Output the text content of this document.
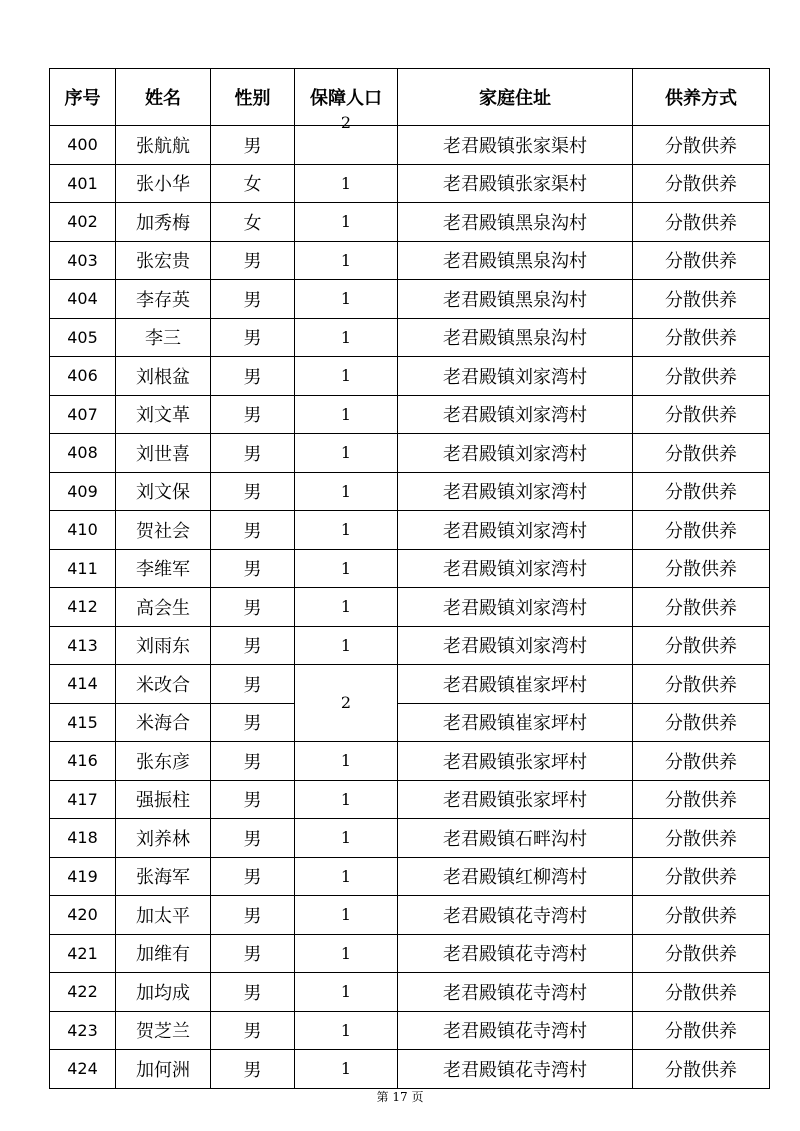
序号	姓名	性别	保障人口	家庭住址	供养方式
400	张航航	男	2	老君殿镇张家渠村	分散供养
401	张小华	女	1	老君殿镇张家渠村	分散供养
402	加秀梅	女	1	老君殿镇黑泉沟村	分散供养
403	张宏贵	男	1	老君殿镇黑泉沟村	分散供养
404	李存英	男	1	老君殿镇黑泉沟村	分散供养
405	李三	男	1	老君殿镇黑泉沟村	分散供养
406	刘根盆	男	1	老君殿镇刘家湾村	分散供养
407	刘文革	男	1	老君殿镇刘家湾村	分散供养
408	刘世喜	男	1	老君殿镇刘家湾村	分散供养
409	刘文保	男	1	老君殿镇刘家湾村	分散供养
410	贺社会	男	1	老君殿镇刘家湾村	分散供养
411	李维军	男	1	老君殿镇刘家湾村	分散供养
412	高会生	男	1	老君殿镇刘家湾村	分散供养
413	刘雨东	男	1	老君殿镇刘家湾村	分散供养
414	米改合	男	2	老君殿镇崔家坪村	分散供养
415	米海合	男		老君殿镇崔家坪村	分散供养
416	张东彦	男	1	老君殿镇张家坪村	分散供养
417	强振柱	男	1	老君殿镇张家坪村	分散供养
418	刘养林	男	1	老君殿镇石畔沟村	分散供养
419	张海军	男	1	老君殿镇红柳湾村	分散供养
420	加太平	男	1	老君殿镇花寺湾村	分散供养
421	加维有	男	1	老君殿镇花寺湾村	分散供养
422	加均成	男	1	老君殿镇花寺湾村	分散供养
423	贺芝兰	男	1	老君殿镇花寺湾村	分散供养
424	加何洲	男	1	老君殿镇花寺湾村	分散供养
第 17 页
